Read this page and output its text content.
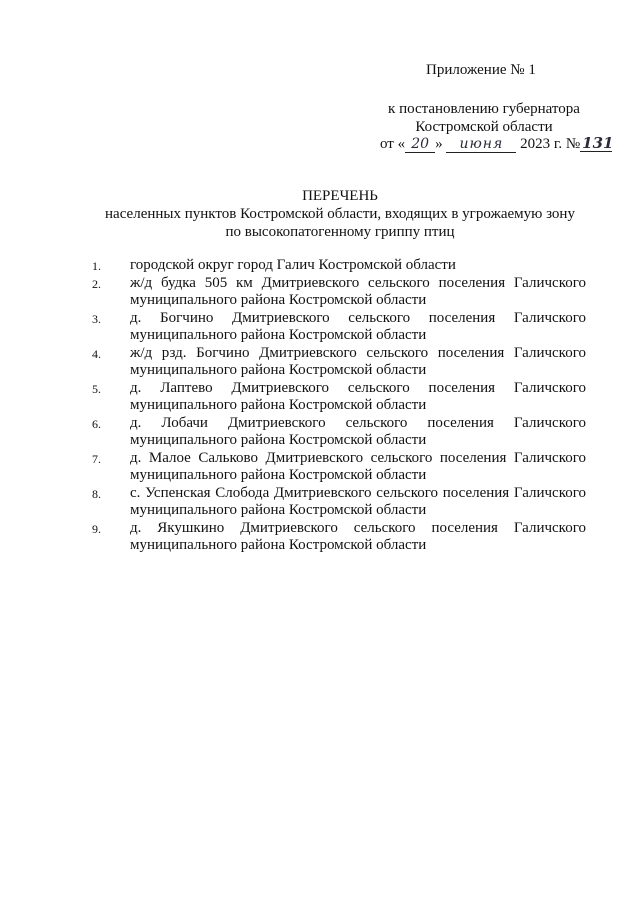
Приложение № 1
к постановлению губернатора
Костромской области
от « 20 » июня 2023 г. № 131
ПЕРЕЧЕНЬ
населенных пунктов Костромской области, входящих в угрожаемую зону
по высокопатогенному гриппу птиц
1. городской округ город Галич Костромской области
2. ж/д будка 505 км Дмитриевского сельского поселения Галичского муниципального района Костромской области
3. д. Богчино Дмитриевского сельского поселения Галичского муниципального района Костромской области
4. ж/д рзд. Богчино Дмитриевского сельского поселения Галичского муниципального района Костромской области
5. д. Лаптево Дмитриевского сельского поселения Галичского муниципального района Костромской области
6. д. Лобачи Дмитриевского сельского поселения Галичского муниципального района Костромской области
7. д. Малое Сальково Дмитриевского сельского поселения Галичского муниципального района Костромской области
8. с. Успенская Слобода Дмитриевского сельского поселения Галичского муниципального района Костромской области
9. д. Якушкино Дмитриевского сельского поселения Галичского муниципального района Костромской области
